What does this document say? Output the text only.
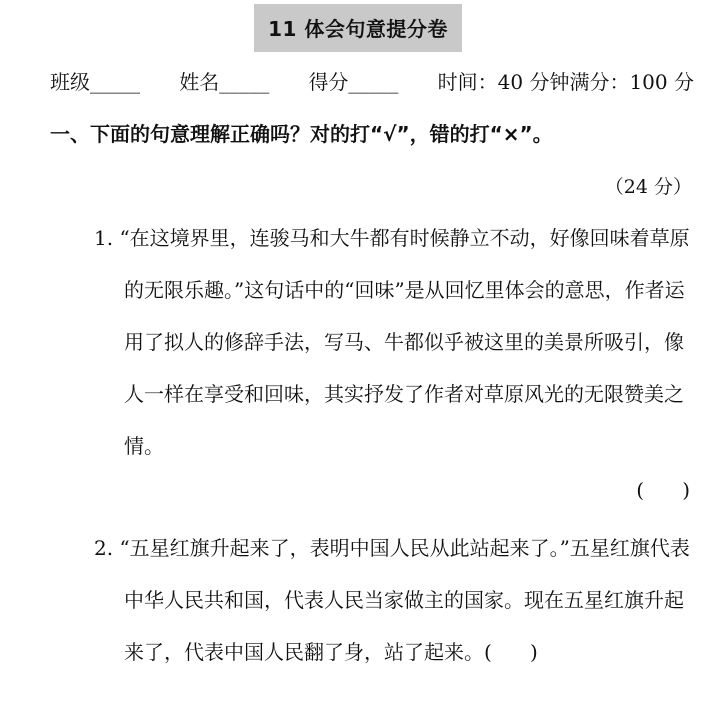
11 体会句意提分卷
班级_____ 姓名_____ 得分_____ 时间：40 分钟满分：100 分
一、下面的句意理解正确吗？对的打“√”，错的打“×”。
（24 分）
1. “在这境界里，连骏马和大牛都有时候静立不动，好像回味着草原的无限乐趣。”这句话中的“回味”是从回忆里体会的意思，作者运用了拟人的修辞手法，写马、牛都似乎被这里的美景所吸引，像人一样在享受和回味，其实抒发了作者对草原风光的无限赞美之情。
(      )
2. “五星红旗升起来了，表明中国人民从此站起来了。”五星红旗代表中华人民共和国，代表人民当家做主的国家。现在五星红旗升起来了，代表中国人民翻了身，站了起来。(      )
